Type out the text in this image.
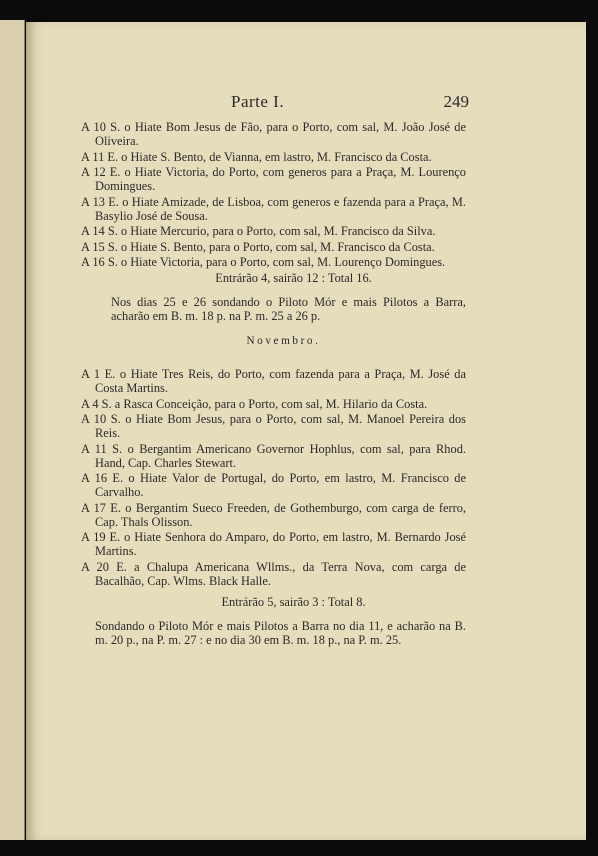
Parte I.	249

A 10 S. o Hiate Bom Jesus de Fão, para o Porto, com sal, M. João José de Oliveira.

A 11 E. o Hiate S. Bento, de Vianna, em lastro, M. Francisco da Costa.

A 12 E. o Hiate Victoria, do Porto, com generos para a Praça, M. Lourenço Domingues.

A 13 E. o Hiate Amizade, de Lisboa, com generos e fazenda para a Praça, M. Basylio José de Sousa.

A 14 S. o Hiate Mercurio, para o Porto, com sal, M. Francisco da Silva.

A 15 S. o Hiate S. Bento, para o Porto, com sal, M. Francisco da Costa.

A 16 S. o Hiate Victoria, para o Porto, com sal, M. Lourenço Domingues.

Entrárão 4, sairão 12 : Total 16.

Nos dias 25 e 26 sondando o Piloto Mór e mais Pilotos a Barra, acharão em B. m. 18 p. na P. m. 25 a 26 p.

Novembro.

A 1 E. o Hiate Tres Reis, do Porto, com fazenda para a Praça, M. José da Costa Martins.

A 4 S. a Rasca Conceição, para o Porto, com sal, M. Hilario da Costa.

A 10 S. o Hiate Bom Jesus, para o Porto, com sal, M. Manoel Pereira dos Reis.

A 11 S. o Bergantim Americano Governor Hophlus, com sal, para Rhod. Hand, Cap. Charles Stewart.

A 16 E. o Hiate Valor de Portugal, do Porto, em lastro, M. Francisco de Carvalho.

A 17 E. o Bergantim Sueco Freeden, de Gothemburgo, com carga de ferro, Cap. Thals Olisson.

A 19 E. o Hiate Senhora do Amparo, do Porto, em lastro, M. Bernardo José Martins.

A 20 E. a Chalupa Americana Wllms., da Terra Nova, com carga de Bacalhão, Cap. Wlms. Black Halle.

Entrárão 5, sairão 3 : Total 8.

Sondando o Piloto Mór e mais Pilotos a Barra no dia 11, e acharão na B. m. 20 p., na P. m. 27 : e no dia 30 em B. m. 18 p., na P. m. 25.
